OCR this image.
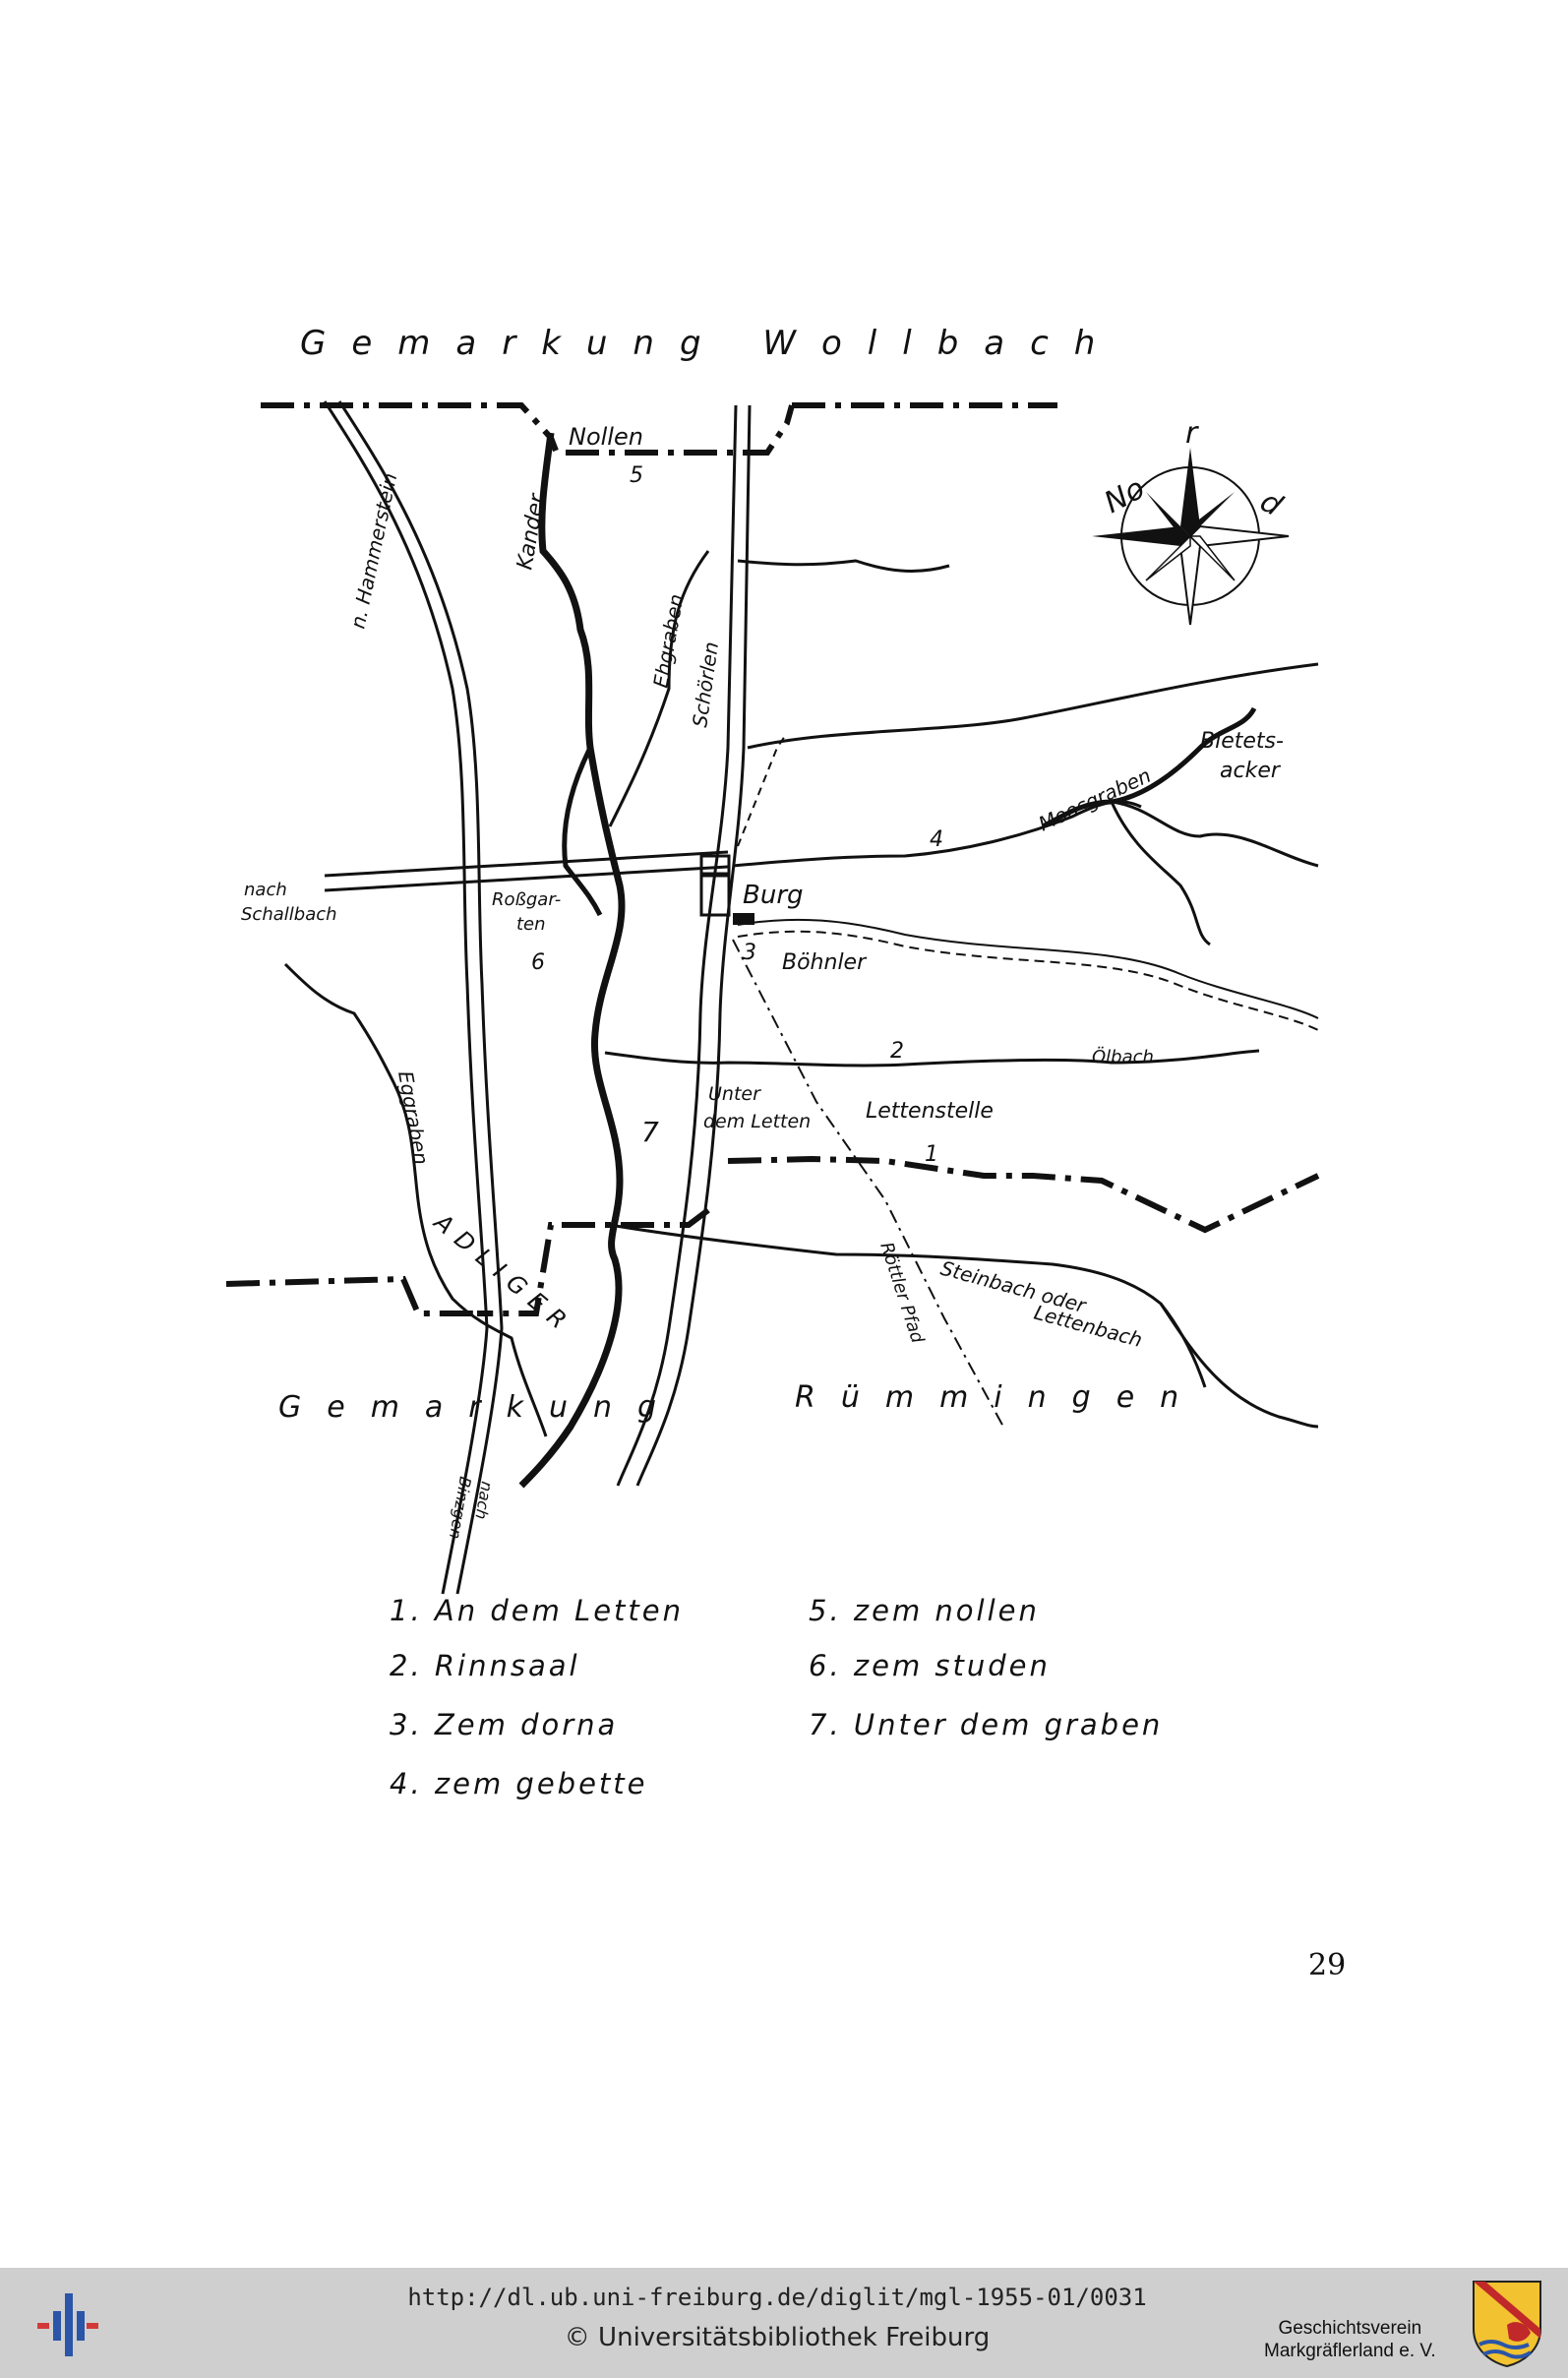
No
r
d
Gemarkung Wollbach
Nollen
5
Kander
n. Hammerstein
Ehgraben Schörlen
Bietets-
acker
Moosgraben
4
nach
Schallbach
Roßgar-
ten
6
Burg
3 Böhnler
2	Ölbach
Eggraben	Unter
dem Letten	Lettenstelle
7
1
ADLIGER	Steinbach oder
Lettenbach
Röttler Pfad
Gemarkung	Rümmingen
nach
Binzgen
1. An dem Letten
2. Rinnsaal
3. Zem dorna
4. zem gebette
5. zem nollen
6. zem studen
7. Unter dem graben
29
http://dl.ub.uni-freiburg.de/diglit/mgl-1955-01/0031
© Universitätsbibliothek Freiburg	Geschichtsverein
Markgräflerland e. V.
